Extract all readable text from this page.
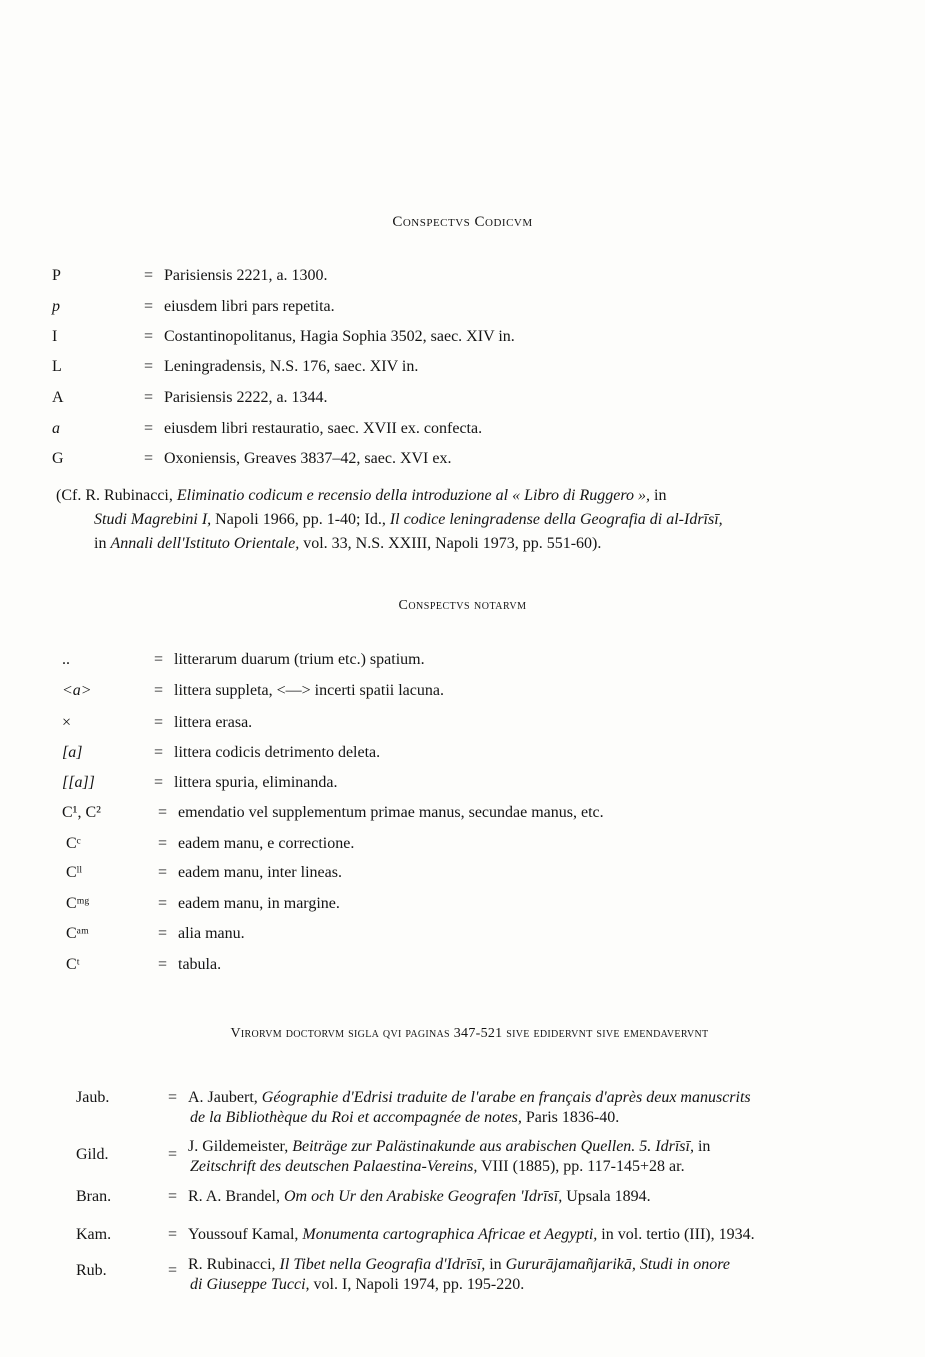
Conspectvs Codicvm
P	= Parisiensis 2221, a. 1300.
p	= eiusdem libri pars repetita.
I	= Costantinopolitanus, Hagia Sophia 3502, saec. XIV in.
L	= Leningradensis, N.S. 176, saec. XIV in.
A	= Parisiensis 2222, a. 1344.
a	= eiusdem libri restauratio, saec. XVII ex. confecta.
G	= Oxoniensis, Greaves 3837–42, saec. XVI ex.
(Cf. R. Rubinacci, Eliminatio codicum e recensio della introduzione al « Libro di Ruggero », in
Studi Magrebini I, Napoli 1966, pp. 1-40; Id., Il codice leningradense della Geografia di al-Idrīsī,
in Annali dell'Istituto Orientale, vol. 33, N.S. XXIII, Napoli 1973, pp. 551-60).
Conspectvs notarvm
..	= litterarum duarum (trium etc.) spatium.
<a>	= littera suppleta, <—> incerti spatii lacuna.
×	= littera erasa.
[a]	= littera codicis detrimento deleta.
[[a]]	= littera spuria, eliminanda.
C¹, C²	= emendatio vel supplementum primae manus, secundae manus, etc.
Cᶜ	= eadem manu, e correctione.
Cˡˡ	= eadem manu, inter lineas.
Cᵐᵍ	= eadem manu, in margine.
Cᵃᵐ	= alia manu.
Cᵗ	= tabula.
Virorvm doctorvm sigla qvi paginas 347-521 sive edidervnt sive emendavervnt
Jaub.	= A. Jaubert, Géographie d'Edrisi traduite de l'arabe en français d'après deux manuscrits
de la Bibliothèque du Roi et accompagnée de notes, Paris 1836-40.
Gild.	= J. Gildemeister, Beiträge zur Palästinakunde aus arabischen Quellen. 5. Idrīsī, in
Zeitschrift des deutschen Palaestina-Vereins, VIII (1885), pp. 117-145+28 ar.
Bran.	= R. A. Brandel, Om och Ur den Arabiske Geografen 'Idrīsī, Upsala 1894.
Kam.	= Youssouf Kamal, Monumenta cartographica Africae et Aegypti, in vol. tertio (III), 1934.
Rub.	= R. Rubinacci, Il Tibet nella Geografia d'Idrīsī, in Gururājamañjarikā, Studi in onore
di Giuseppe Tucci, vol. I, Napoli 1974, pp. 195-220.
